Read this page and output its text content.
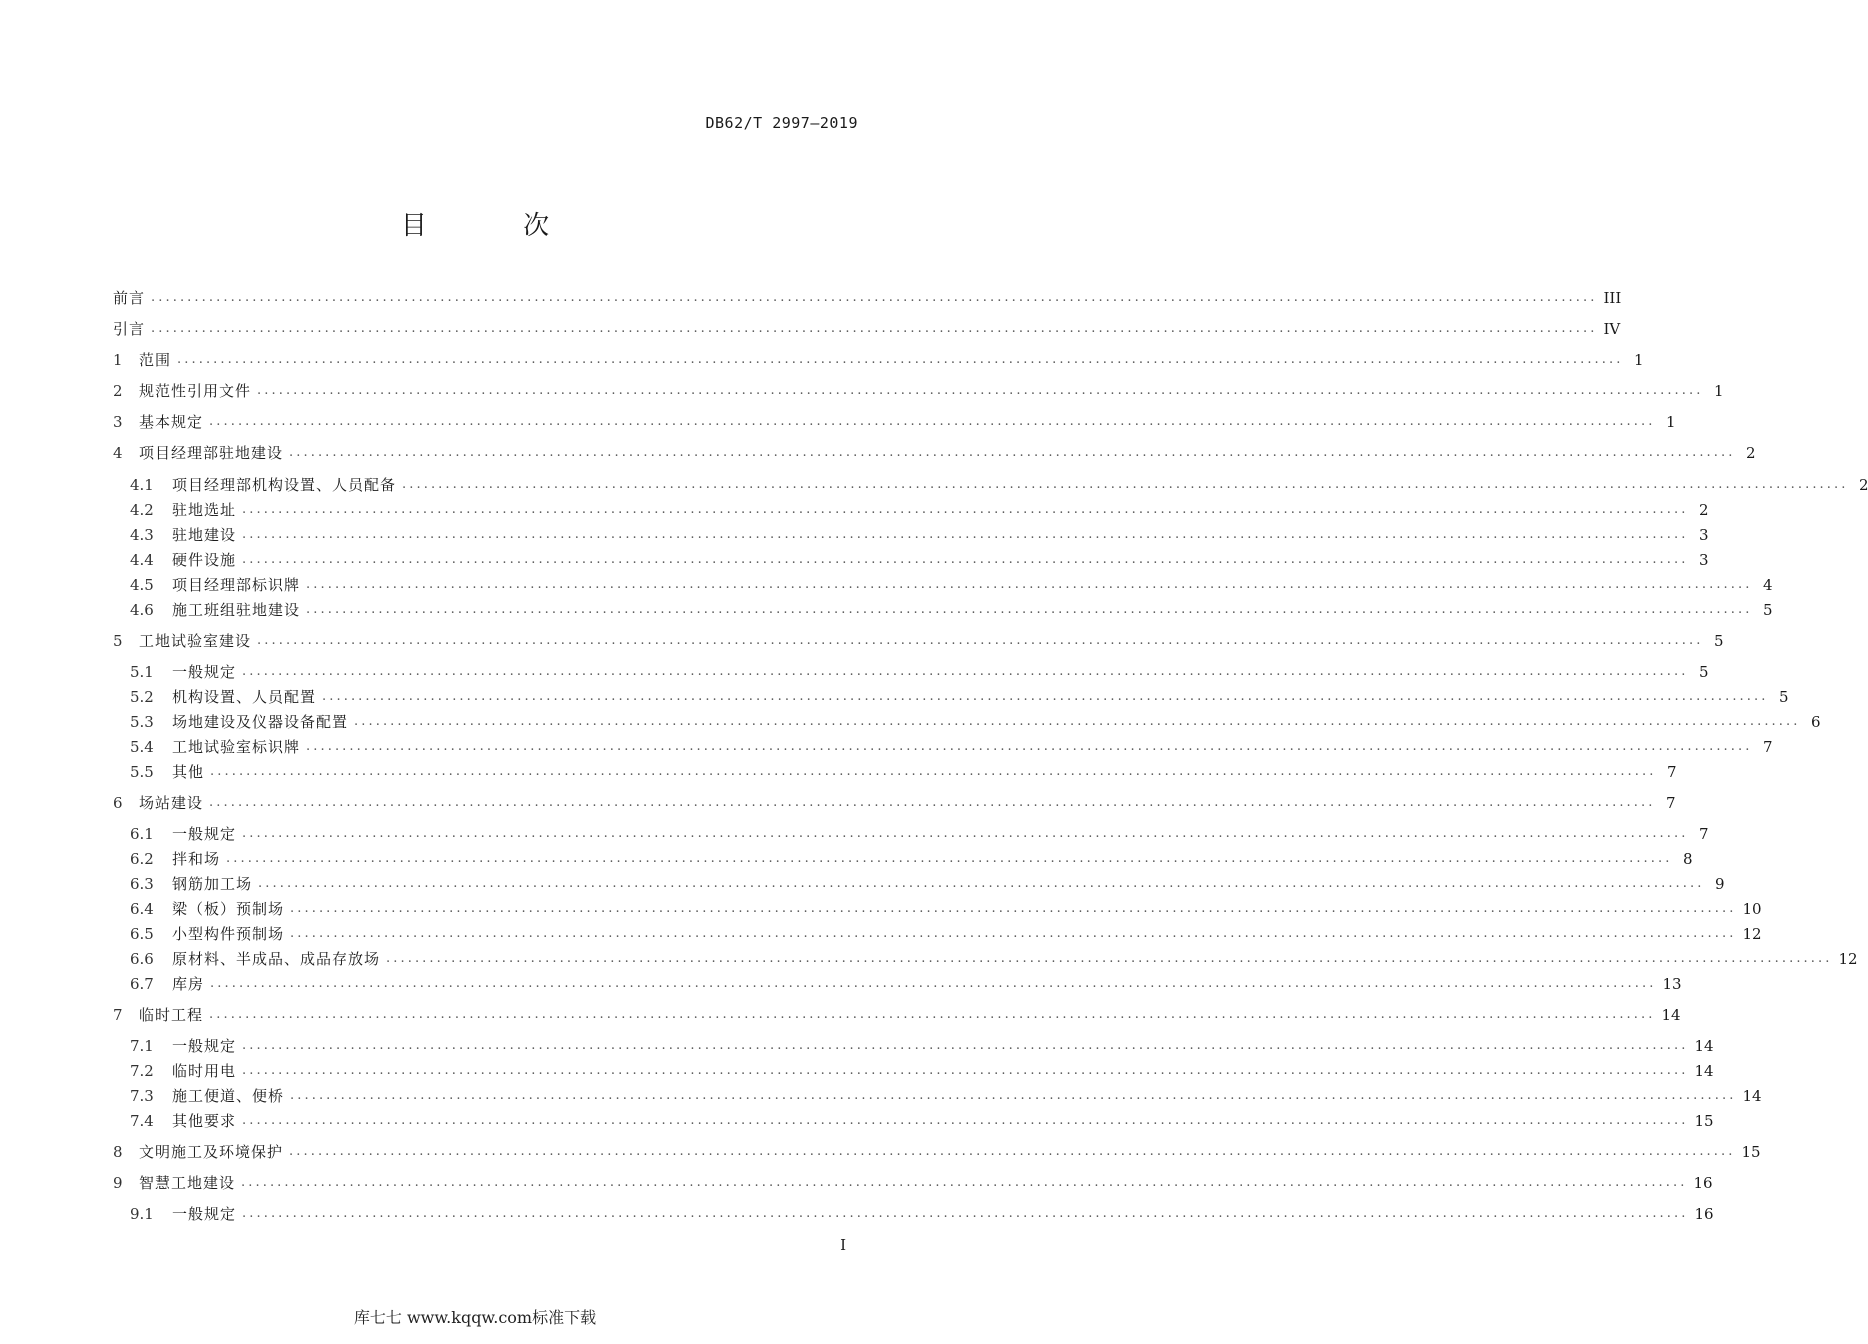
DB62/T 2997—2019
目 次
前言 ........................................................................................................................................................................................................ III
引言 ........................................................................................................................................................................................................ IV
1	范围 ........................................................................................................................................................................................................ 1
2	规范性引用文件 ........................................................................................................................................................................................................ 1
3	基本规定 ........................................................................................................................................................................................................ 1
4	项目经理部驻地建设 ........................................................................................................................................................................................................ 2
4.1	项目经理部机构设置、人员配备 ........................................................................................................................................................................................................ 2
4.2	驻地选址 ........................................................................................................................................................................................................ 2
4.3	驻地建设 ........................................................................................................................................................................................................ 3
4.4	硬件设施 ........................................................................................................................................................................................................ 3
4.5	项目经理部标识牌 ........................................................................................................................................................................................................ 4
4.6	施工班组驻地建设 ........................................................................................................................................................................................................ 5
5	工地试验室建设 ........................................................................................................................................................................................................ 5
5.1	一般规定 ........................................................................................................................................................................................................ 5
5.2	机构设置、人员配置 ........................................................................................................................................................................................................ 5
5.3	场地建设及仪器设备配置 ........................................................................................................................................................................................................ 6
5.4	工地试验室标识牌 ........................................................................................................................................................................................................ 7
5.5	其他 ........................................................................................................................................................................................................ 7
6	场站建设 ........................................................................................................................................................................................................ 7
6.1	一般规定 ........................................................................................................................................................................................................ 7
6.2	拌和场 ........................................................................................................................................................................................................ 8
6.3	钢筋加工场 ........................................................................................................................................................................................................ 9
6.4	梁（板）预制场 ........................................................................................................................................................................................................ 10
6.5	小型构件预制场 ........................................................................................................................................................................................................ 12
6.6	原材料、半成品、成品存放场 ........................................................................................................................................................................................................ 12
6.7	库房 ........................................................................................................................................................................................................ 13
7	临时工程 ........................................................................................................................................................................................................ 14
7.1	一般规定 ........................................................................................................................................................................................................ 14
7.2	临时用电 ........................................................................................................................................................................................................ 14
7.3	施工便道、便桥 ........................................................................................................................................................................................................ 14
7.4	其他要求 ........................................................................................................................................................................................................ 15
8	文明施工及环境保护 ........................................................................................................................................................................................................ 15
9	智慧工地建设 ........................................................................................................................................................................................................ 16
9.1	一般规定 ........................................................................................................................................................................................................ 16
I
库七七 www.kqqw.com标准下载
